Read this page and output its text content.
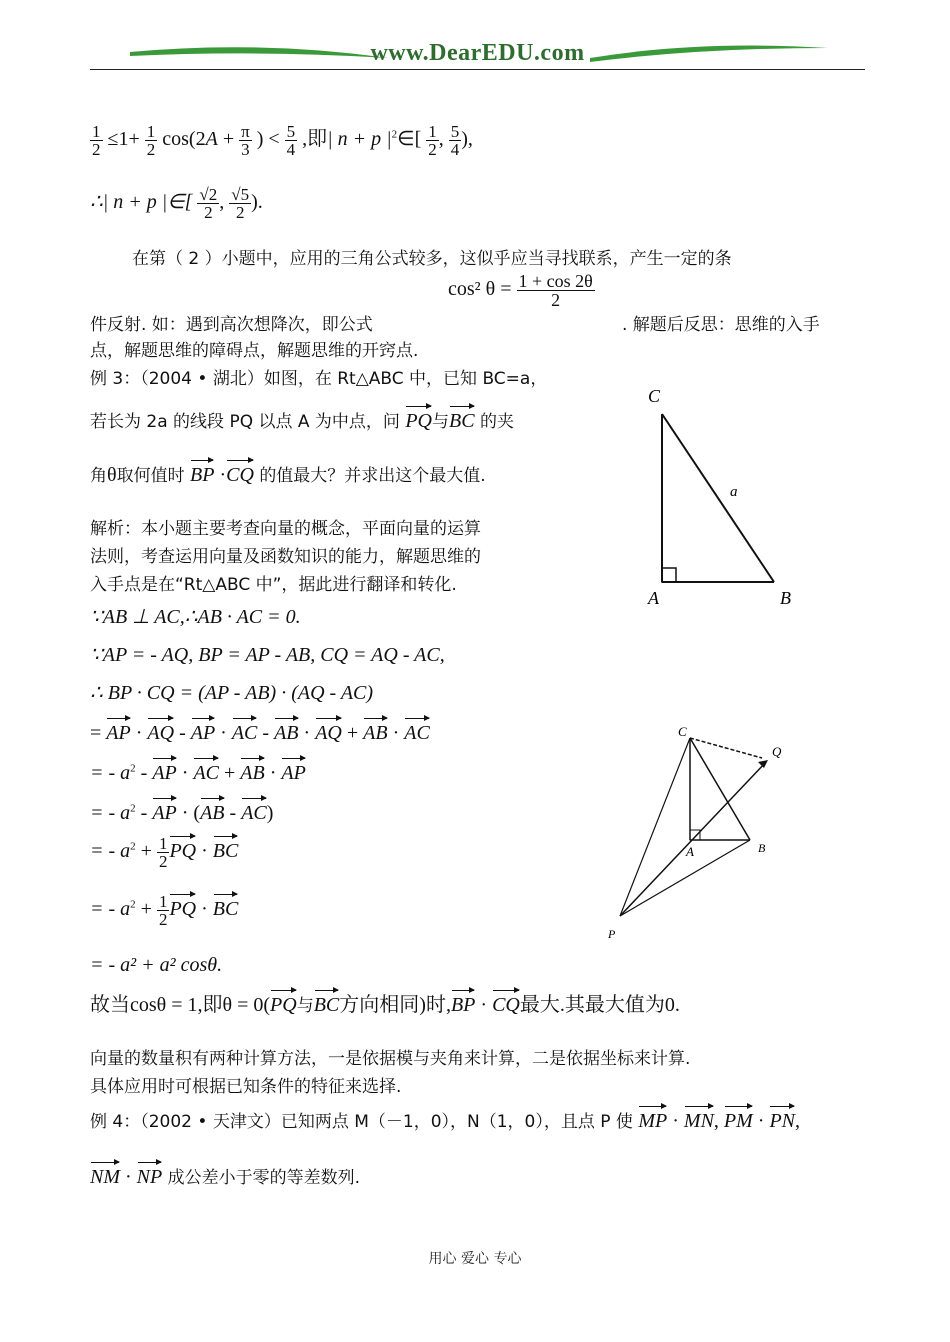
www.DearEDU.com
$\frac{1}{2} \le 1+ \frac{1}{2} \cos(2A + \frac{\pi}{3}$ ) < $\frac{5}{4}$ ,即| n + p $|^2\in[ \frac{1}{2}$ , $\frac{5}{4}$ ),
∴| n + p |∈[ $\frac{√2}{2}$ , $\frac{√5}{2}$ ).
在第（ 2 ）小题中，应用的三角公式较多，这似乎应当寻找联系，产生一定的条
cos² $\theta = \frac{1 + \cos 2\theta}{2}$
件反射. 如：遇到高次想降次，即公式	. 解题后反思：思维的入手
点，解题思维的障碍点，解题思维的开窍点.
例 3：（2004 • 湖北）如图，在 Rt△ABC 中，已知 BC=a，
若长为 2a 的线段 PQ 以点 A 为中点，问 PQ与BC 的夹
角θ取何值时 BP ·CQ 的值最大？并求出这个最大值.
解析：本小题主要考查向量的概念，平面向量的运算
法则，考查运用向量及函数知识的能力，解题思维的
入手点是在“Rt△ABC 中”，据此进行翻译和转化.
∵AB ⊥ AC,∴AB · AC = 0.
∵AP = - AQ, BP = AP - AB, CQ = AQ - AC,
∴ BP · CQ = (AP - AB) · (AQ - AC)
= AP · AQ - AP · AC - AB · AQ + AB · AC
= - $a^2$ - AP · AC + AB · AP
= - $a^2$ - AP · (AB - AC)
= - $a^2 + \frac{1}{2}$ PQ · BC
= - $a^2 + \frac{1}{2}$ PQ · BC
= - a² + a² cosθ.
故当cosθ = 1,即θ = 0(PQ与BC方向相同)时,BP · CQ最大.其最大值为0.
向量的数量积有两种计算方法，一是依据模与夹角来计算，二是依据坐标来计算.
具体应用时可根据已知条件的特征来选择.
例 4：（2002 • 天津文）已知两点 M（－1，0），N（1，0），且点 P 使 MP · MN, PM · PN,
NM · NP 成公差小于零的等差数列.
C
A	B
a
C
Q
A	B
P
用心 爱心 专心
